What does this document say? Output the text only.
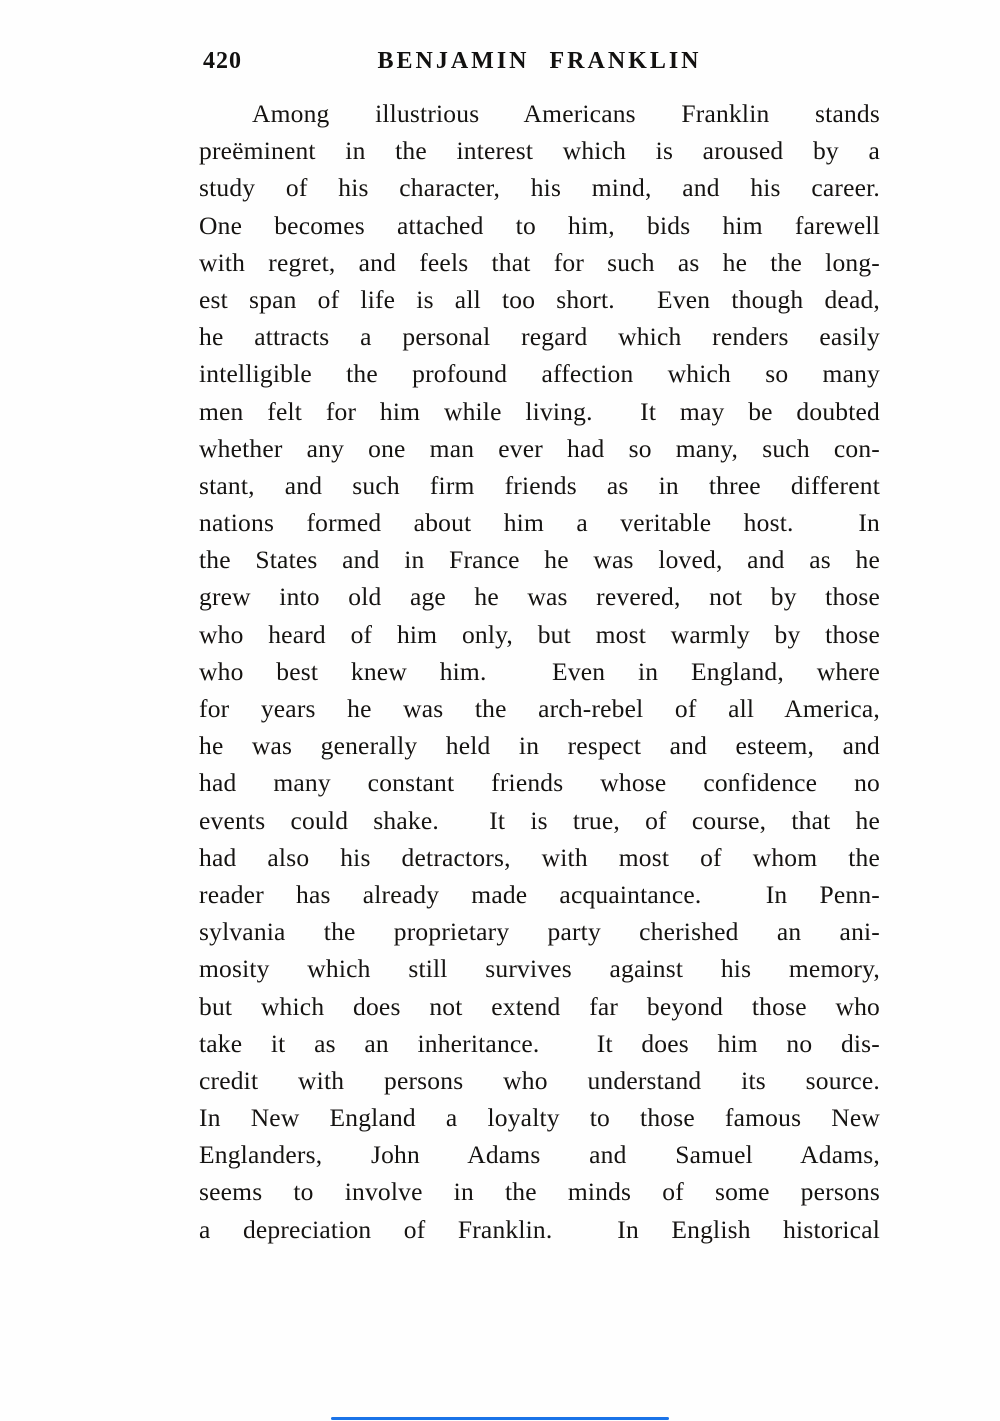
420	BENJAMIN FRANKLIN
Among illustrious Americans Franklin stands
preëminent in the interest which is aroused by a
study of his character, his mind, and his career.
One becomes attached to him, bids him farewell
with regret, and feels that for such as he the long-
est span of life is all too short.  Even though dead,
he attracts a personal regard which renders easily
intelligible the profound affection which so many
men felt for him while living.  It may be doubted
whether any one man ever had so many, such con-
stant, and such firm friends as in three different
nations formed about him a veritable host.  In
the States and in France he was loved, and as he
grew into old age he was revered, not by those
who heard of him only, but most warmly by those
who best knew him.  Even in England, where
for years he was the arch-rebel of all America,
he was generally held in respect and esteem, and
had many constant friends whose confidence no
events could shake.  It is true, of course, that he
had also his detractors, with most of whom the
reader has already made acquaintance.  In Penn-
sylvania the proprietary party cherished an ani-
mosity which still survives against his memory,
but which does not extend far beyond those who
take it as an inheritance.  It does him no dis-
credit with persons who understand its source.
In New England a loyalty to those famous New
Englanders, John Adams and Samuel Adams,
seems to involve in the minds of some persons
a depreciation of Franklin.  In English historical
